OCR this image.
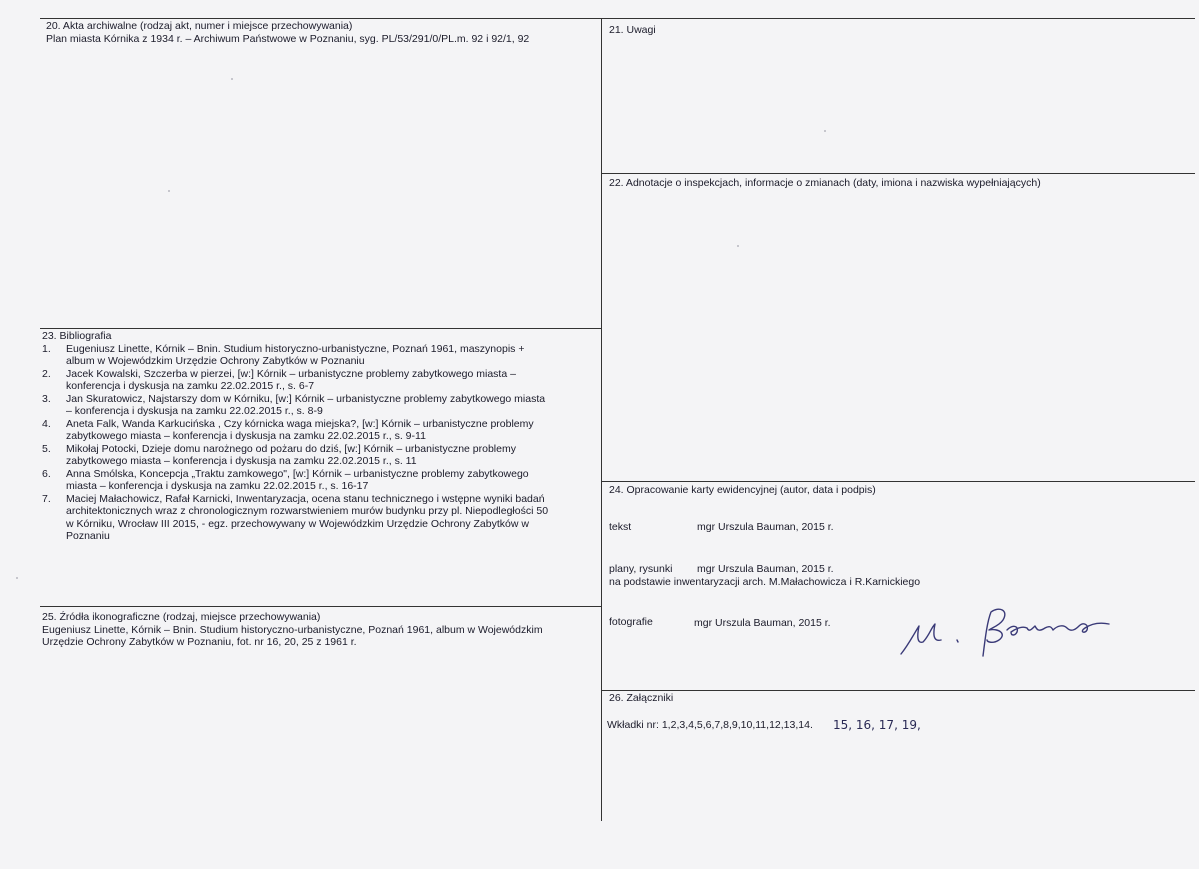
20. Akta archiwalne (rodzaj akt, numer i miejsce przechowywania)
Plan miasta Kórnika z 1934 r. – Archiwum Państwowe w Poznaniu, syg. PL/53/291/0/PL.m. 92 i 92/1, 92
21. Uwagi
22. Adnotacje o inspekcjach, informacje o zmianach (daty, imiona i nazwiska wypełniających)
23. Bibliografia
1.	Eugeniusz Linette, Kórnik – Bnin. Studium historyczno-urbanistyczne, Poznań 1961, maszynopis +
album w Wojewódzkim Urzędzie Ochrony Zabytków w Poznaniu
2.	Jacek Kowalski, Szczerba w pierzei, [w:] Kórnik – urbanistyczne problemy zabytkowego miasta –
konferencja i dyskusja na zamku 22.02.2015 r., s. 6-7
3.	Jan Skuratowicz, Najstarszy dom w Kórniku, [w:] Kórnik – urbanistyczne problemy zabytkowego miasta
– konferencja i dyskusja na zamku 22.02.2015 r., s. 8-9
4.	Aneta Falk, Wanda Karkucińska , Czy kórnicka waga miejska?, [w:] Kórnik – urbanistyczne problemy
zabytkowego miasta – konferencja i dyskusja na zamku 22.02.2015 r., s. 9-11
5.	Mikołaj Potocki, Dzieje domu narożnego od pożaru do dziś, [w:] Kórnik – urbanistyczne problemy
zabytkowego miasta – konferencja i dyskusja na zamku 22.02.2015 r., s. 11
6.	Anna Smólska, Koncepcja „Traktu zamkowego", [w:] Kórnik – urbanistyczne problemy zabytkowego
miasta – konferencja i dyskusja na zamku 22.02.2015 r., s. 16-17
7.	Maciej Małachowicz, Rafał Karnicki, Inwentaryzacja, ocena stanu technicznego i wstępne wyniki badań
architektonicznych wraz z chronologicznym rozwarstwieniem murów budynku przy pl. Niepodległości 50
w Kórniku, Wrocław III 2015, - egz. przechowywany w Wojewódzkim Urzędzie Ochrony Zabytków w
Poznaniu
24. Opracowanie karty ewidencyjnej (autor, data i podpis)
tekst	mgr Urszula Bauman, 2015 r.
plany, rysunki mgr Urszula Bauman, 2015 r.
na podstawie inwentaryzacji arch. M.Małachowicza i R.Karnickiego
fotografie	mgr Urszula Bauman, 2015 r.
25. Źródła ikonograficzne (rodzaj, miejsce przechowywania)
Eugeniusz Linette, Kórnik – Bnin. Studium historyczno-urbanistyczne, Poznań 1961, album w Wojewódzkim
Urzędzie Ochrony Zabytków w Poznaniu, fot. nr 16, 20, 25 z 1961 r.
26. Załączniki
Wkładki nr: 1,2,3,4,5,6,7,8,9,10,11,12,13,14. 15, 16, 17, 19,
